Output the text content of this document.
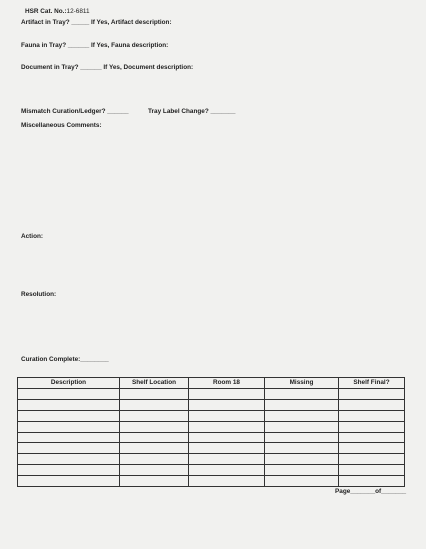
HSR Cat. No.:12-6811
Artifact in Tray? _____ If Yes, Artifact description:
Fauna in Tray? ______ If Yes, Fauna description:
Document in Tray? ______ If Yes, Document description:
Mismatch Curation/Ledger? ______	Tray Label Change? _______
Miscellaneous Comments:
Action:
Resolution:
Curation Complete:________
Description	Shelf Location	Room 18	Missing	Shelf Final?

Page_______of_______
